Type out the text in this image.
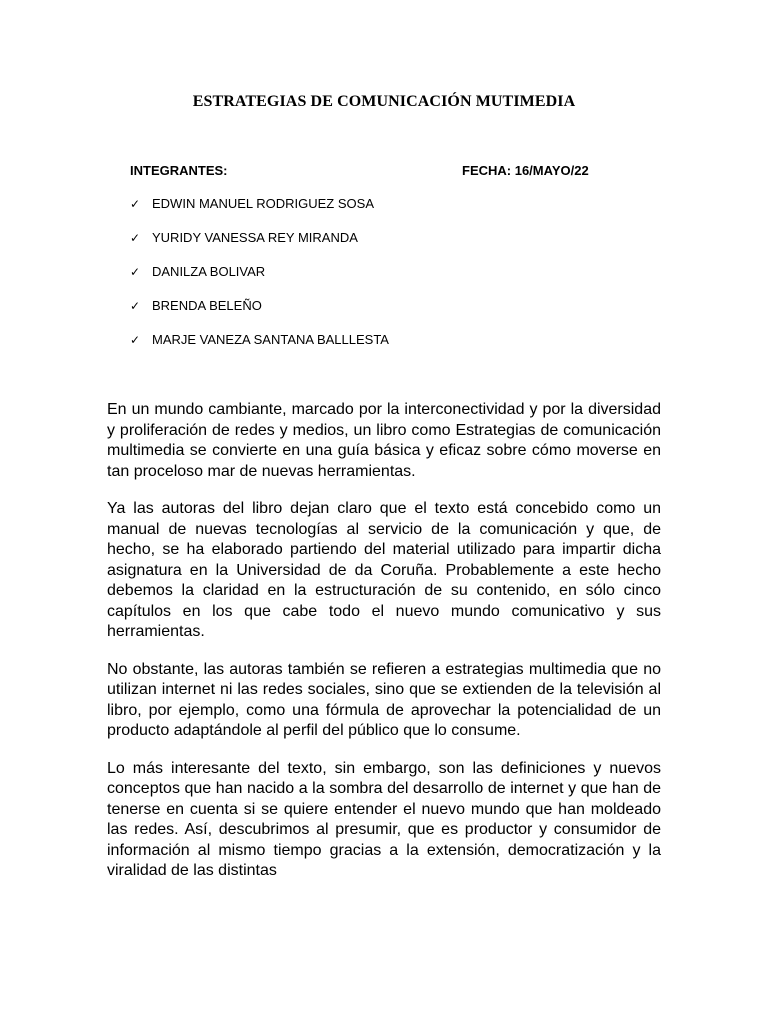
ESTRATEGIAS DE COMUNICACIÓN MUTIMEDIA
INTEGRANTES:	FECHA: 16/MAYO/22
✓ EDWIN MANUEL RODRIGUEZ SOSA
✓ YURIDY VANESSA REY MIRANDA
✓ DANILZA BOLIVAR
✓ BRENDA BELEÑO
✓ MARJE VANEZA SANTANA BALLLESTA

En un mundo cambiante, marcado por la interconectividad y por la diversidad y proliferación de redes y medios, un libro como Estrategias de comunicación multimedia se convierte en una guía básica y eficaz sobre cómo moverse en tan proceloso mar de nuevas herramientas.

Ya las autoras del libro dejan claro que el texto está concebido como un manual de nuevas tecnologías al servicio de la comunicación y que, de hecho, se ha elaborado partiendo del material utilizado para impartir dicha asignatura en la Universidad de da Coruña. Probablemente a este hecho debemos la claridad en la estructuración de su contenido, en sólo cinco capítulos en los que cabe todo el nuevo mundo comunicativo y sus herramientas.

No obstante, las autoras también se refieren a estrategias multimedia que no utilizan internet ni las redes sociales, sino que se extienden de la televisión al libro, por ejemplo, como una fórmula de aprovechar la potencialidad de un producto adaptándole al perfil del público que lo consume.

Lo más interesante del texto, sin embargo, son las definiciones y nuevos conceptos que han nacido a la sombra del desarrollo de internet y que han de tenerse en cuenta si se quiere entender el nuevo mundo que han moldeado las redes. Así, descubrimos al presumir, que es productor y consumidor de información al mismo tiempo gracias a la extensión, democratización y la viralidad de las distintas
